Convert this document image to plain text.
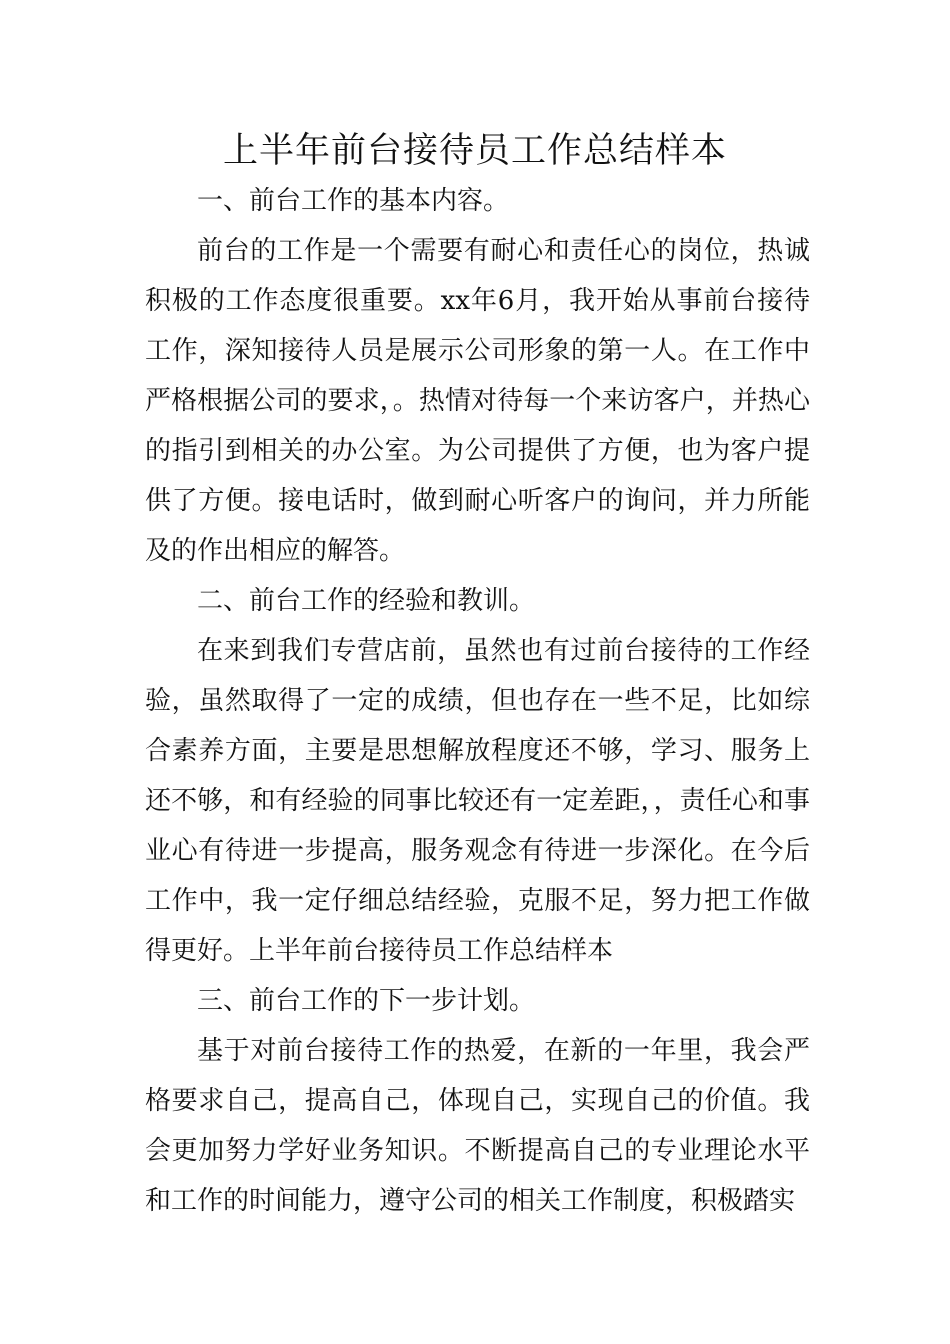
上半年前台接待员工作总结样本

一、前台工作的基本内容。

前台的工作是一个需要有耐心和责任心的岗位，热诚积极的工作态度很重要。xx年6月，我开始从事前台接待工作，深知接待人员是展示公司形象的第一人。在工作中严格根据公司的要求，。热情对待每一个来访客户，并热心的指引到相关的办公室。为公司提供了方便，也为客户提供了方便。接电话时，做到耐心听客户的询问，并力所能及的作出相应的解答。

二、前台工作的经验和教训。

在来到我们专营店前，虽然也有过前台接待的工作经验，虽然取得了一定的成绩，但也存在一些不足，比如综合素养方面，主要是思想解放程度还不够，学习、服务上还不够，和有经验的同事比较还有一定差距，，责任心和事业心有待进一步提高，服务观念有待进一步深化。在今后工作中，我一定仔细总结经验，克服不足，努力把工作做得更好。上半年前台接待员工作总结样本

三、前台工作的下一步计划。

基于对前台接待工作的热爱，在新的一年里，我会严格要求自己，提高自己，体现自己，实现自己的价值。我会更加努力学好业务知识。不断提高自己的专业理论水平和工作的时间能力，遵守公司的相关工作制度，积极踏实
